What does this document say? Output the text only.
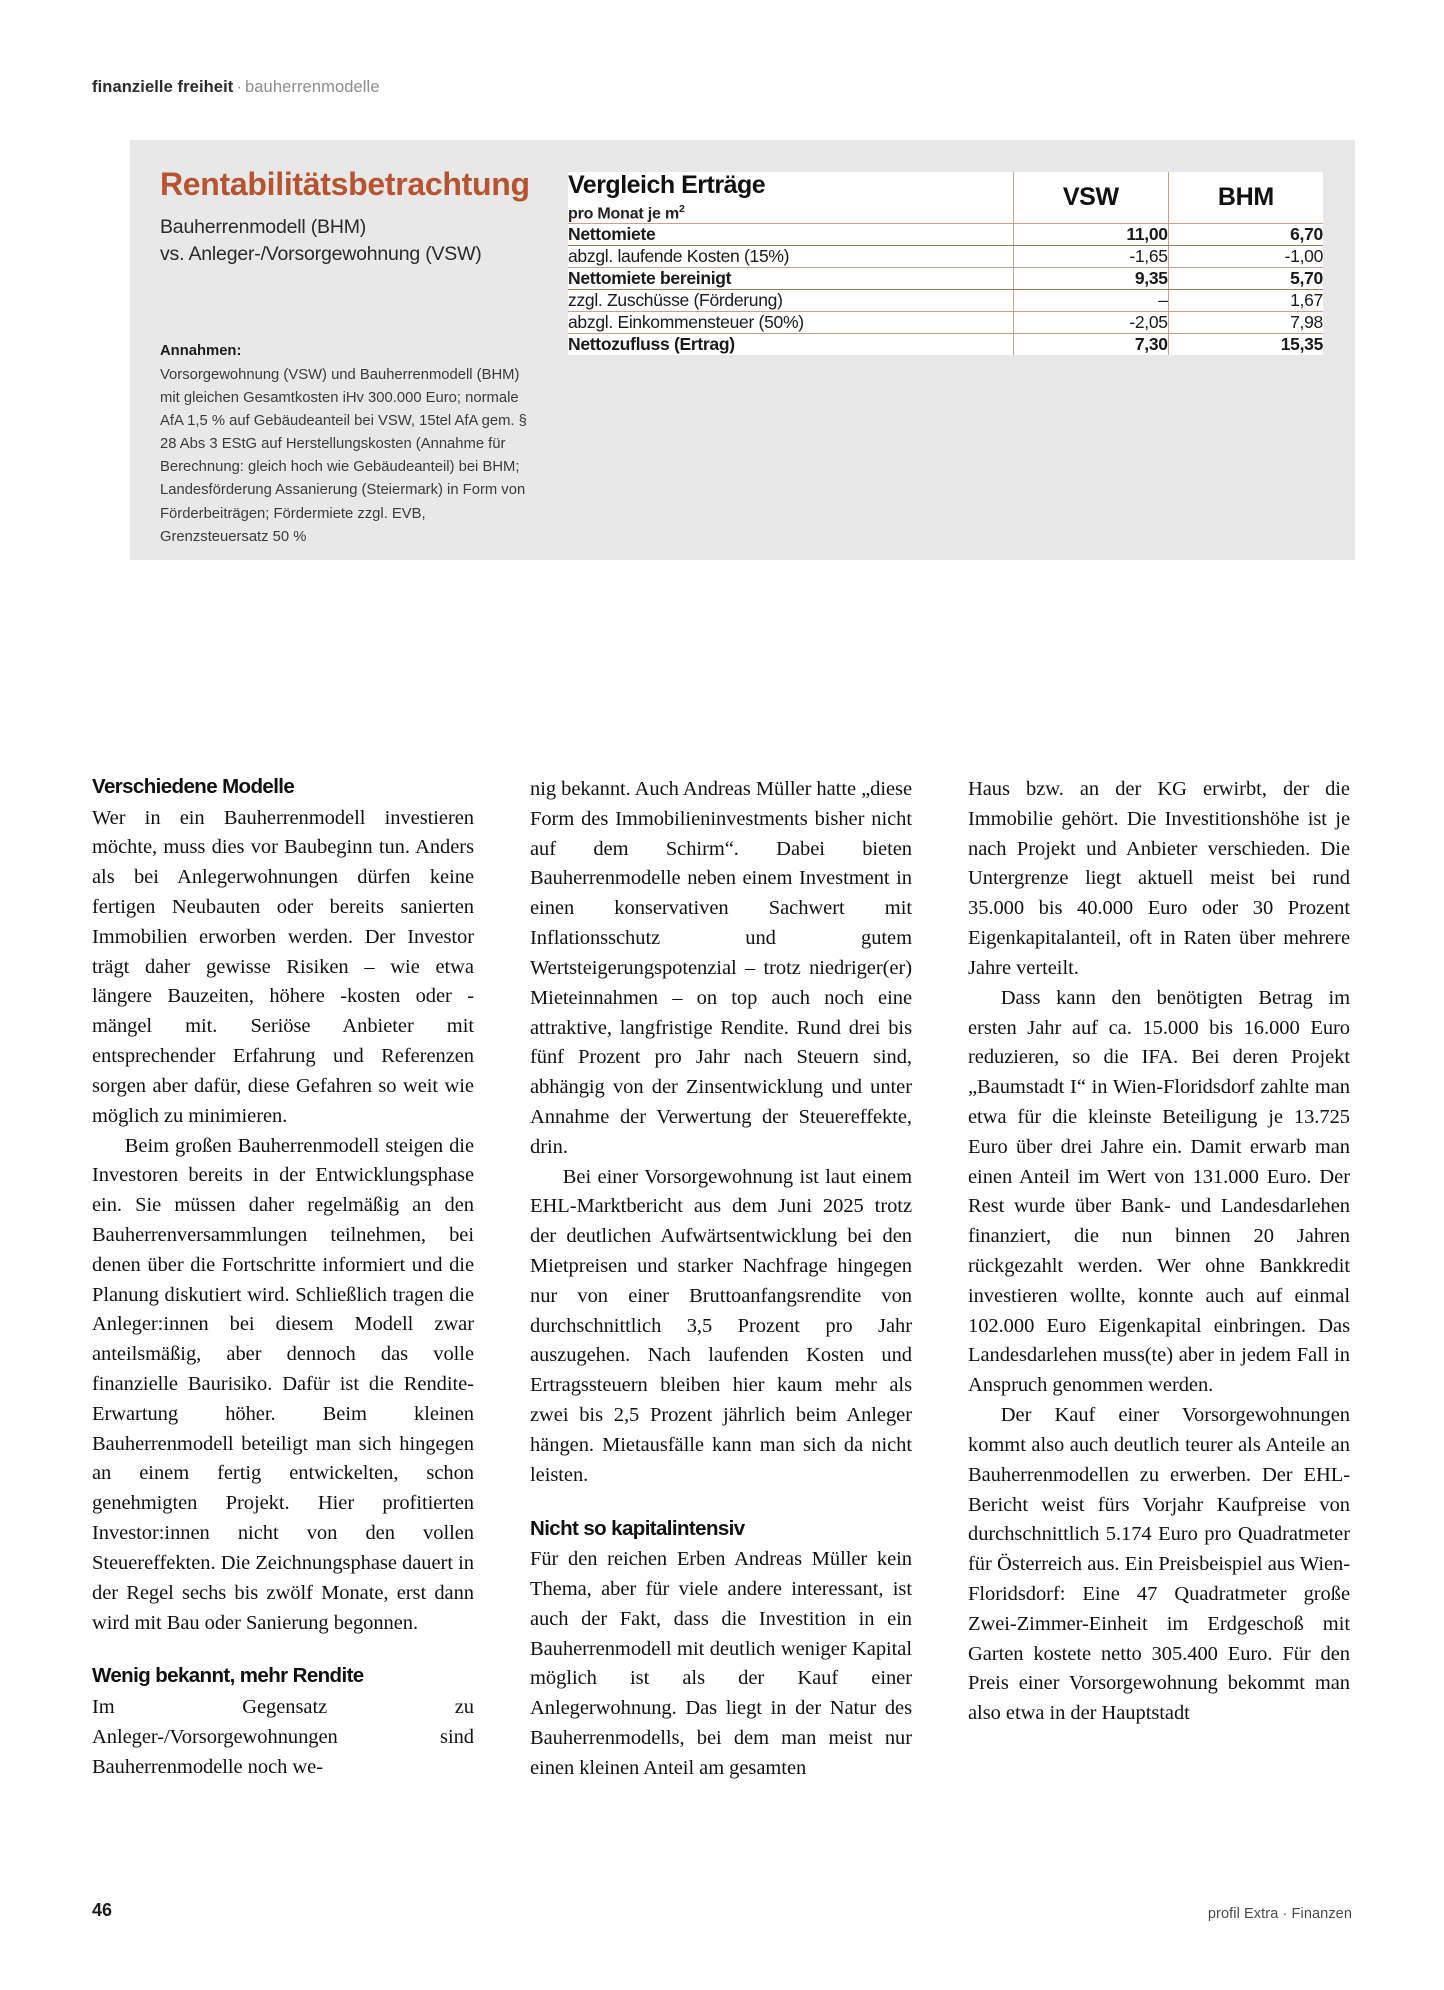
finanzielle freiheit · bauherrenmodelle
Rentabilitätsbetrachtung
Bauherrenmodell (BHM)
vs. Anleger-/Vorsorgewohnung (VSW)
Annahmen:
Vorsorgewohnung (VSW) und Bauherrenmodell (BHM) mit gleichen Gesamtkosten iHv 300.000 Euro; normale AfA 1,5 % auf Gebäudeanteil bei VSW, 15tel AfA gem. § 28 Abs 3 EStG auf Herstellungskosten (Annahme für Berechnung: gleich hoch wie Gebäudeanteil) bei BHM; Landesförderung Assanierung (Steiermark) in Form von Förderbeiträgen; Fördermiete zzgl. EVB, Grenzsteuersatz 50 %
Vergleich Erträge
pro Monat je $m^2$	VSW	BHM
Nettomiete	11,00	6,70
abzgl. laufende Kosten (15%)	-1,65	-1,00
Nettomiete bereinigt	9,35	5,70
zzgl. Zuschüsse (Förderung)	–	1,67
abzgl. Einkommensteuer (50%)	-2,05	7,98
Nettozufluss (Ertrag)	7,30	15,35
Verschiedene Modelle

Wer in ein Bauherrenmodell investieren möchte, muss dies vor Baubeginn tun. Anders als bei Anlegerwohnungen dürfen keine fertigen Neubauten oder bereits sanierten Immobilien erworben werden. Der Investor trägt daher gewisse Risiken – wie etwa längere Bauzeiten, höhere -kosten oder -mängel mit. Seriöse Anbieter mit entsprechender Erfahrung und Referenzen sorgen aber dafür, diese Gefahren so weit wie möglich zu minimieren.

Beim großen Bauherrenmodell steigen die Investoren bereits in der Entwicklungsphase ein. Sie müssen daher regelmäßig an den Bauherrenversammlungen teilnehmen, bei denen über die Fortschritte informiert und die Planung diskutiert wird. Schließlich tragen die Anleger:innen bei diesem Modell zwar anteilsmäßig, aber dennoch das volle finanzielle Baurisiko. Dafür ist die Rendite-Erwartung höher. Beim kleinen Bauherrenmodell beteiligt man sich hingegen an einem fertig entwickelten, schon genehmigten Projekt. Hier profitierten Investor:innen nicht von den vollen Steuereffekten. Die Zeichnungsphase dauert in der Regel sechs bis zwölf Monate, erst dann wird mit Bau oder Sanierung begonnen.

Wenig bekannt, mehr Rendite

Im Gegensatz zu Anleger-/Vorsorgewohnungen sind Bauherrenmodelle noch we-

nig bekannt. Auch Andreas Müller hatte „diese Form des Immobilieninvestments bisher nicht auf dem Schirm“. Dabei bieten Bauherrenmodelle neben einem Investment in einen konservativen Sachwert mit Inflationsschutz und gutem Wertsteigerungspotenzial – trotz niedriger(er) Mieteinnahmen – on top auch noch eine attraktive, langfristige Rendite. Rund drei bis fünf Prozent pro Jahr nach Steuern sind, abhängig von der Zinsentwicklung und unter Annahme der Verwertung der Steuereffekte, drin.

Bei einer Vorsorgewohnung ist laut einem EHL-Marktbericht aus dem Juni 2025 trotz der deutlichen Aufwärtsentwicklung bei den Mietpreisen und starker Nachfrage hingegen nur von einer Bruttoanfangsrendite von durchschnittlich 3,5 Prozent pro Jahr auszugehen. Nach laufenden Kosten und Ertragssteuern bleiben hier kaum mehr als zwei bis 2,5 Prozent jährlich beim Anleger hängen. Mietausfälle kann man sich da nicht leisten.

Nicht so kapitalintensiv

Für den reichen Erben Andreas Müller kein Thema, aber für viele andere interessant, ist auch der Fakt, dass die Investition in ein Bauherrenmodell mit deutlich weniger Kapital möglich ist als der Kauf einer Anlegerwohnung. Das liegt in der Natur des Bauherrenmodells, bei dem man meist nur einen kleinen Anteil am gesamten

Haus bzw. an der KG erwirbt, der die Immobilie gehört. Die Investitionshöhe ist je nach Projekt und Anbieter verschieden. Die Untergrenze liegt aktuell meist bei rund 35.000 bis 40.000 Euro oder 30 Prozent Eigenkapitalanteil, oft in Raten über mehrere Jahre verteilt.

Dass kann den benötigten Betrag im ersten Jahr auf ca. 15.000 bis 16.000 Euro reduzieren, so die IFA. Bei deren Projekt „Baumstadt I“ in Wien-Floridsdorf zahlte man etwa für die kleinste Beteiligung je 13.725 Euro über drei Jahre ein. Damit erwarb man einen Anteil im Wert von 131.000 Euro. Der Rest wurde über Bank- und Landesdarlehen finanziert, die nun binnen 20 Jahren rückgezahlt werden. Wer ohne Bankkredit investieren wollte, konnte auch auf einmal 102.000 Euro Eigenkapital einbringen. Das Landesdarlehen muss(te) aber in jedem Fall in Anspruch genommen werden.

Der Kauf einer Vorsorgewohnungen kommt also auch deutlich teurer als Anteile an Bauherrenmodellen zu erwerben. Der EHL-Bericht weist fürs Vorjahr Kaufpreise von durchschnittlich 5.174 Euro pro Quadratmeter für Österreich aus. Ein Preisbeispiel aus Wien-Floridsdorf: Eine 47 Quadratmeter große Zwei-Zimmer-Einheit im Erdgeschoß mit Garten kostete netto 305.400 Euro. Für den Preis einer Vorsorgewohnung bekommt man also etwa in der Hauptstadt

46	profil Extra · Finanzen
